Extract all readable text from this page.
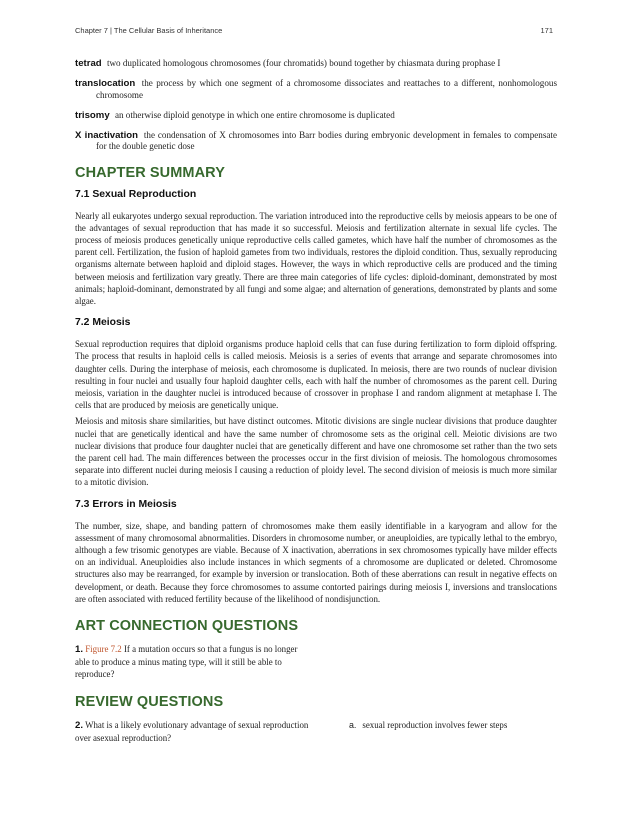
Chapter 7 | The Cellular Basis of Inheritance	171

tetrad two duplicated homologous chromosomes (four chromatids) bound together by chiasmata during prophase I

translocation the process by which one segment of a chromosome dissociates and reattaches to a different, nonhomologous chromosome

trisomy an otherwise diploid genotype in which one entire chromosome is duplicated

X inactivation the condensation of X chromosomes into Barr bodies during embryonic development in females to compensate for the double genetic dose

CHAPTER SUMMARY
7.1 Sexual Reproduction

Nearly all eukaryotes undergo sexual reproduction. The variation introduced into the reproductive cells by meiosis appears to be one of the advantages of sexual reproduction that has made it so successful. Meiosis and fertilization alternate in sexual life cycles. The process of meiosis produces genetically unique reproductive cells called gametes, which have half the number of chromosomes as the parent cell. Fertilization, the fusion of haploid gametes from two individuals, restores the diploid condition. Thus, sexually reproducing organisms alternate between haploid and diploid stages. However, the ways in which reproductive cells are produced and the timing between meiosis and fertilization vary greatly. There are three main categories of life cycles: diploid-dominant, demonstrated by most animals; haploid-dominant, demonstrated by all fungi and some algae; and alternation of generations, demonstrated by plants and some algae.

7.2 Meiosis

Sexual reproduction requires that diploid organisms produce haploid cells that can fuse during fertilization to form diploid offspring. The process that results in haploid cells is called meiosis. Meiosis is a series of events that arrange and separate chromosomes into daughter cells. During the interphase of meiosis, each chromosome is duplicated. In meiosis, there are two rounds of nuclear division resulting in four nuclei and usually four haploid daughter cells, each with half the number of chromosomes as the parent cell. During meiosis, variation in the daughter nuclei is introduced because of crossover in prophase I and random alignment at metaphase I. The cells that are produced by meiosis are genetically unique.

Meiosis and mitosis share similarities, but have distinct outcomes. Mitotic divisions are single nuclear divisions that produce daughter nuclei that are genetically identical and have the same number of chromosome sets as the original cell. Meiotic divisions are two nuclear divisions that produce four daughter nuclei that are genetically different and have one chromosome set rather than the two sets the parent cell had. The main differences between the processes occur in the first division of meiosis. The homologous chromosomes separate into different nuclei during meiosis I causing a reduction of ploidy level. The second division of meiosis is much more similar to a mitotic division.

7.3 Errors in Meiosis

The number, size, shape, and banding pattern of chromosomes make them easily identifiable in a karyogram and allow for the assessment of many chromosomal abnormalities. Disorders in chromosome number, or aneuploidies, are typically lethal to the embryo, although a few trisomic genotypes are viable. Because of X inactivation, aberrations in sex chromosomes typically have milder effects on an individual. Aneuploidies also include instances in which segments of a chromosome are duplicated or deleted. Chromosome structures also may be rearranged, for example by inversion or translocation. Both of these aberrations can result in negative effects on development, or death. Because they force chromosomes to assume contorted pairings during meiosis I, inversions and translocations are often associated with reduced fertility because of the likelihood of nondisjunction.

ART CONNECTION QUESTIONS

1. Figure 7.2 If a mutation occurs so that a fungus is no longer able to produce a minus mating type, will it still be able to reproduce?

REVIEW QUESTIONS

2. What is a likely evolutionary advantage of sexual reproduction over asexual reproduction?

a. sexual reproduction involves fewer steps
